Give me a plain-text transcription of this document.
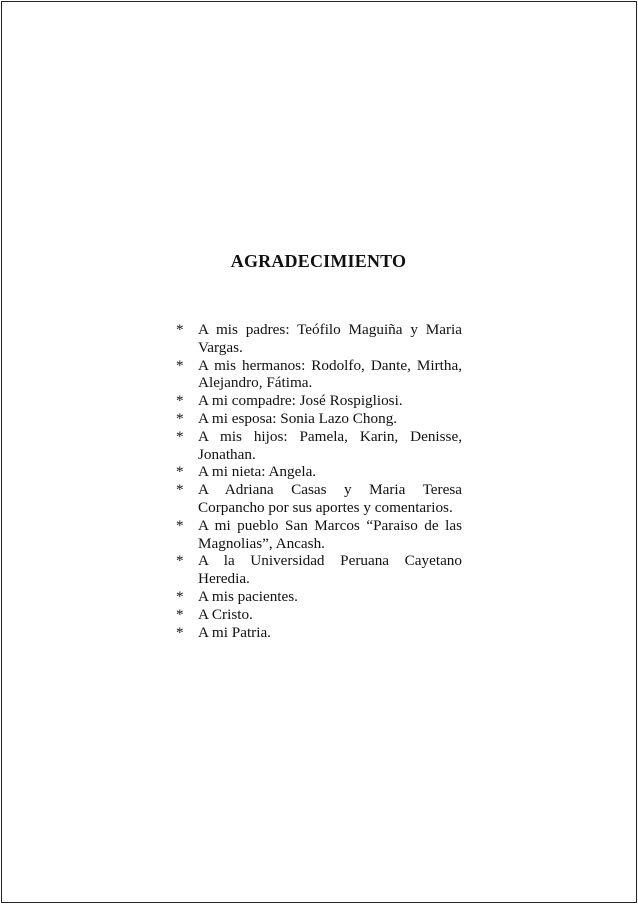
AGRADECIMIENTO
* A mis padres: Teófilo Maguiña y Maria Vargas.
* A mis hermanos: Rodolfo, Dante, Mirtha, Alejandro, Fátima.
* A mi compadre: José Rospigliosi.
* A mi esposa: Sonia Lazo Chong.
* A mis hijos: Pamela, Karin, Denisse, Jonathan.
* A mi nieta: Angela.
* A Adriana Casas y Maria Teresa Corpancho por sus aportes y comentarios.
* A mi pueblo San Marcos “Paraiso de las Magnolias”, Ancash.
* A la Universidad Peruana Cayetano Heredia.
* A mis pacientes.
* A Cristo.
* A mi Patria.
